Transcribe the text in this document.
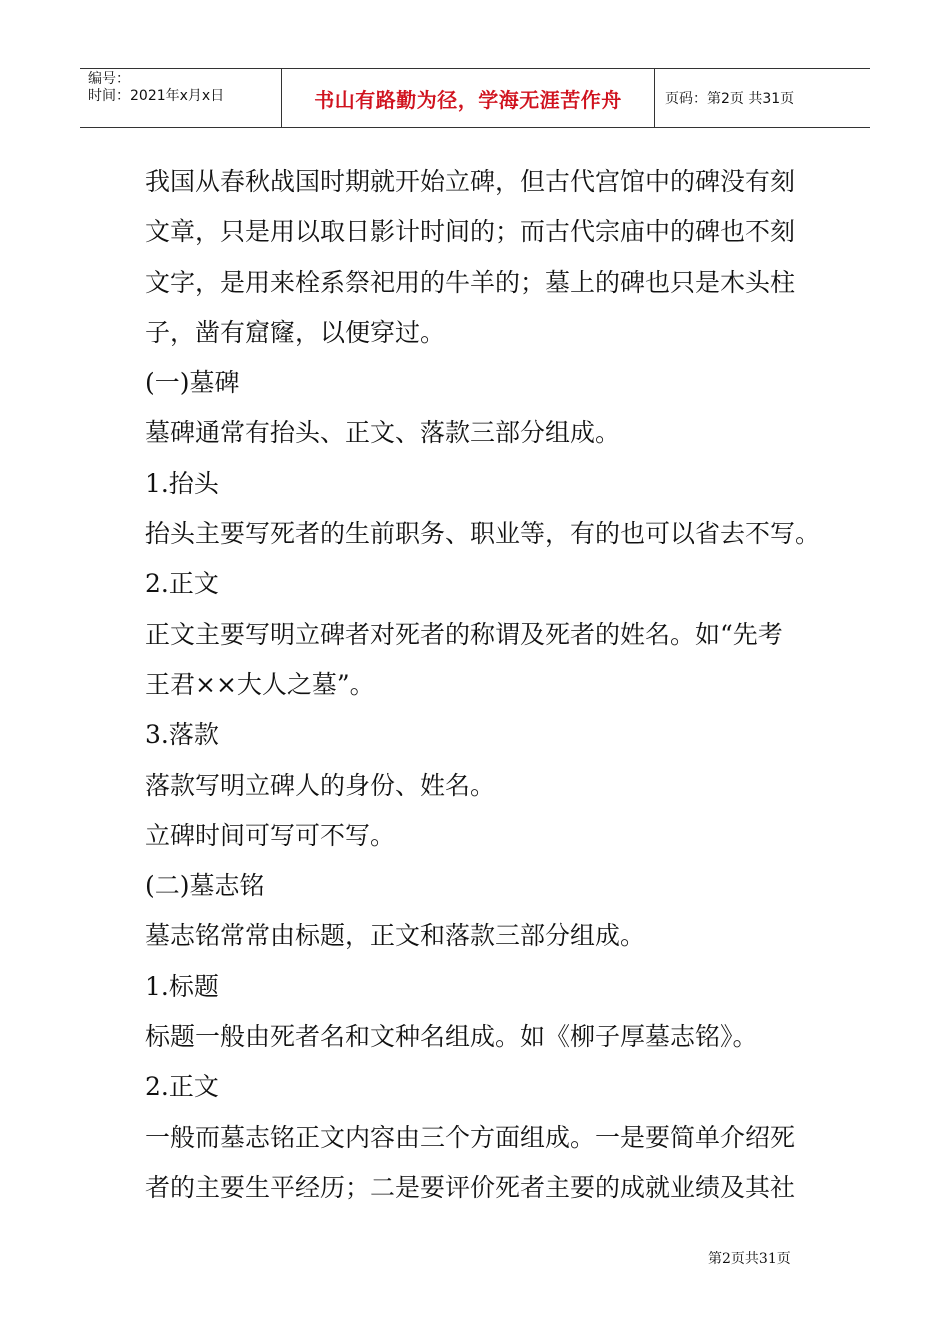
编号：
时间：2021年x月x日	书山有路勤为径，学海无涯苦作舟	页码：第2页 共31页
我国从春秋战国时期就开始立碑，但古代宫馆中的碑没有刻
文章，只是用以取日影计时间的；而古代宗庙中的碑也不刻
文字，是用来栓系祭祀用的牛羊的；墓上的碑也只是木头柱
子，凿有窟窿，以便穿过。
(一)墓碑
墓碑通常有抬头、正文、落款三部分组成。
1.抬头
抬头主要写死者的生前职务、职业等，有的也可以省去不写。
2.正文
正文主要写明立碑者对死者的称谓及死者的姓名。如“先考
王君××大人之墓”。
3.落款
落款写明立碑人的身份、姓名。
立碑时间可写可不写。
(二)墓志铭
墓志铭常常由标题，正文和落款三部分组成。
1.标题
标题一般由死者名和文种名组成。如《柳子厚墓志铭》。
2.正文
一般而墓志铭正文内容由三个方面组成。一是要简单介绍死
者的主要生平经历；二是要评价死者主要的成就业绩及其社
第2页共31页
